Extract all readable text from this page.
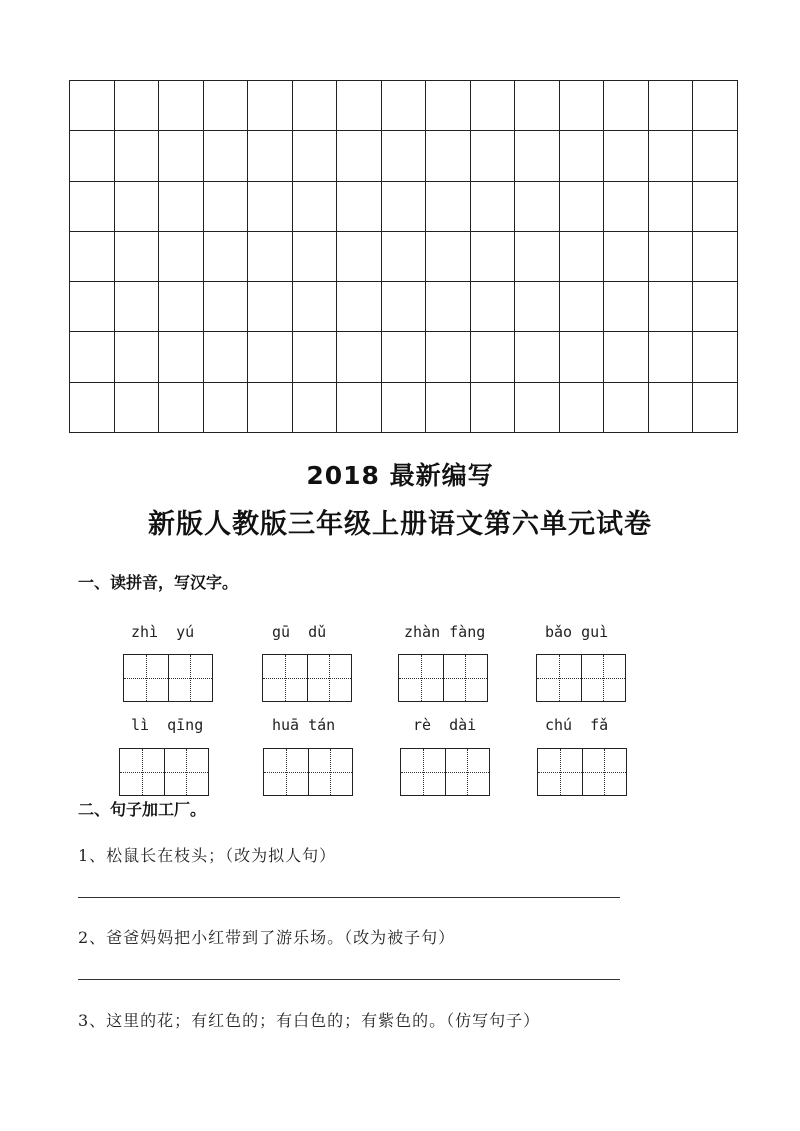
2018 最新编写
新版人教版三年级上册语文第六单元试卷
一、读拼音，写汉字。
zhì  yú	gū  dǔ	zhàn fàng	bǎo guì
lì  qīng	huā tán	rè  dài	chú  fǎ
二、句子加工厂。
1、松鼠长在枝头；（改为拟人句）
2、爸爸妈妈把小红带到了游乐场。（改为被子句）
3、这里的花；有红色的；有白色的；有紫色的。（仿写句子）
